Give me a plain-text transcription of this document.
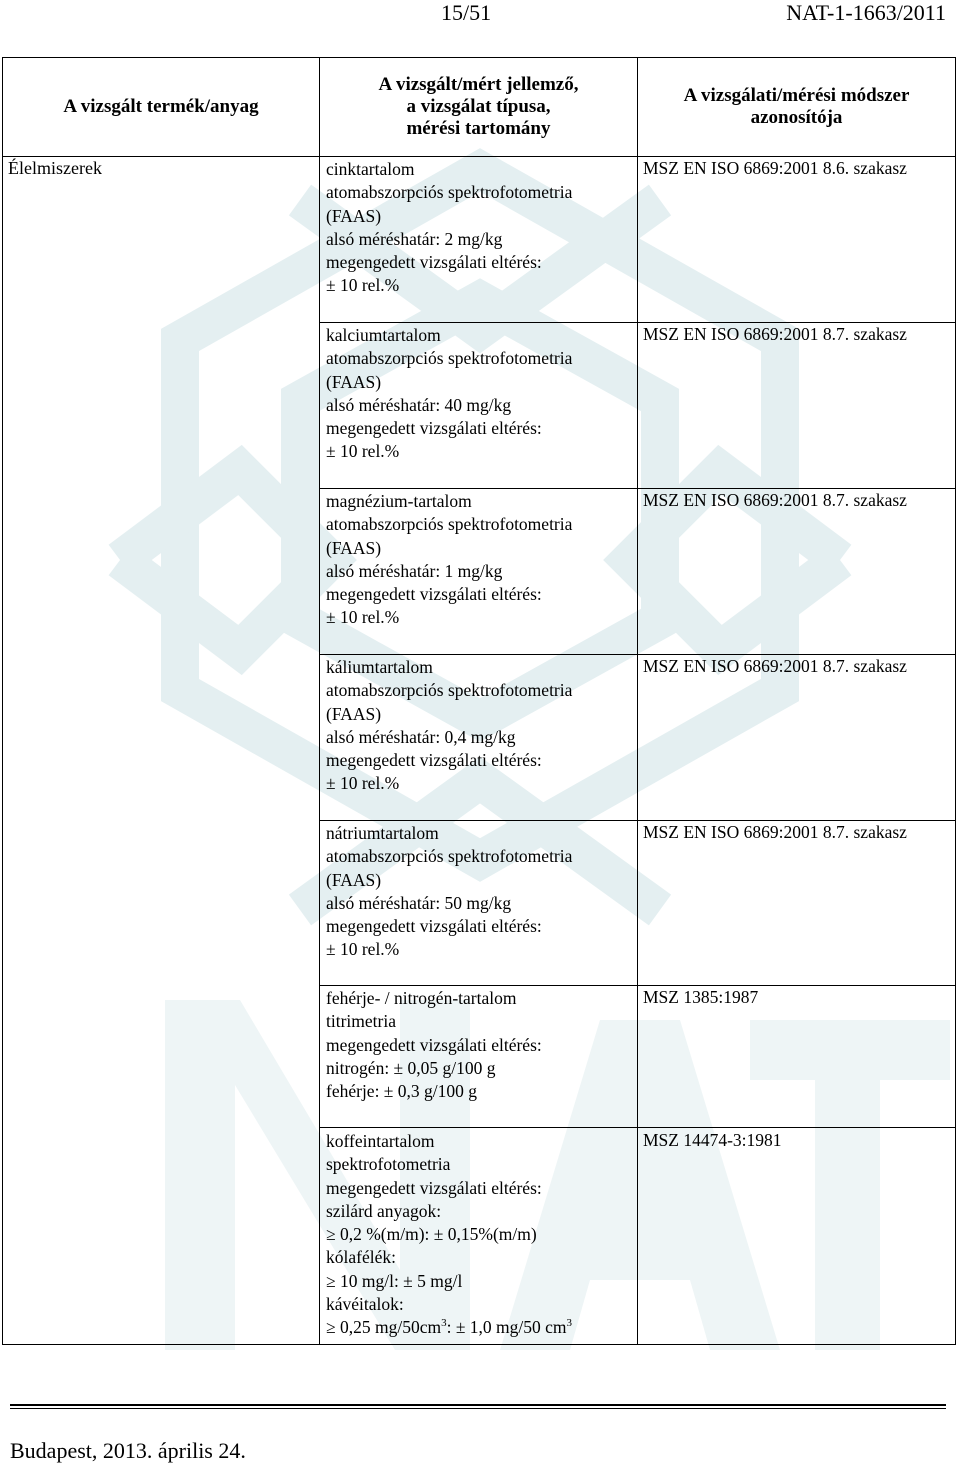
15/51	NAT-1-1663/2011
A vizsgált termék/anyag
A vizsgált/mért jellemző,
a vizsgálat típusa,
mérési tartomány
A vizsgálati/mérési módszer
azonosítója
Élelmiszerek	cinktartalom
atomabszorpciós spektrofotometria
(FAAS)
alsó méréshatár: 2 mg/kg
megengedett vizsgálati eltérés:
± 10 rel.%
MSZ EN ISO 6869:2001 8.6. szakasz
kalciumtartalom
atomabszorpciós spektrofotometria
(FAAS)
alsó méréshatár: 40 mg/kg
megengedett vizsgálati eltérés:
± 10 rel.%
MSZ EN ISO 6869:2001 8.7. szakasz
magnézium-tartalom
atomabszorpciós spektrofotometria
(FAAS)
alsó méréshatár: 1 mg/kg
megengedett vizsgálati eltérés:
± 10 rel.%
MSZ EN ISO 6869:2001 8.7. szakasz
káliumtartalom
atomabszorpciós spektrofotometria
(FAAS)
alsó méréshatár: 0,4 mg/kg
megengedett vizsgálati eltérés:
± 10 rel.%
MSZ EN ISO 6869:2001 8.7. szakasz
nátriumtartalom
atomabszorpciós spektrofotometria
(FAAS)
alsó méréshatár: 50 mg/kg
megengedett vizsgálati eltérés:
± 10 rel.%
MSZ EN ISO 6869:2001 8.7. szakasz
fehérje- / nitrogén-tartalom
titrimetria
megengedett vizsgálati eltérés:
nitrogén: ± 0,05 g/100 g
fehérje: ± 0,3 g/100 g
MSZ 1385:1987
koffeintartalom
spektrofotometria
megengedett vizsgálati eltérés:
szilárd anyagok:
≥ 0,2 %(m/m): ± 0,15%(m/m)
kólafélék:
≥ 10 mg/l: ± 5 mg/l
kávéitalok:
≥ 0,25 $mg/50cm^3$: ± 1,0 mg/50 $cm^3$
MSZ 14474-3:1981
Budapest, 2013. április 24.
